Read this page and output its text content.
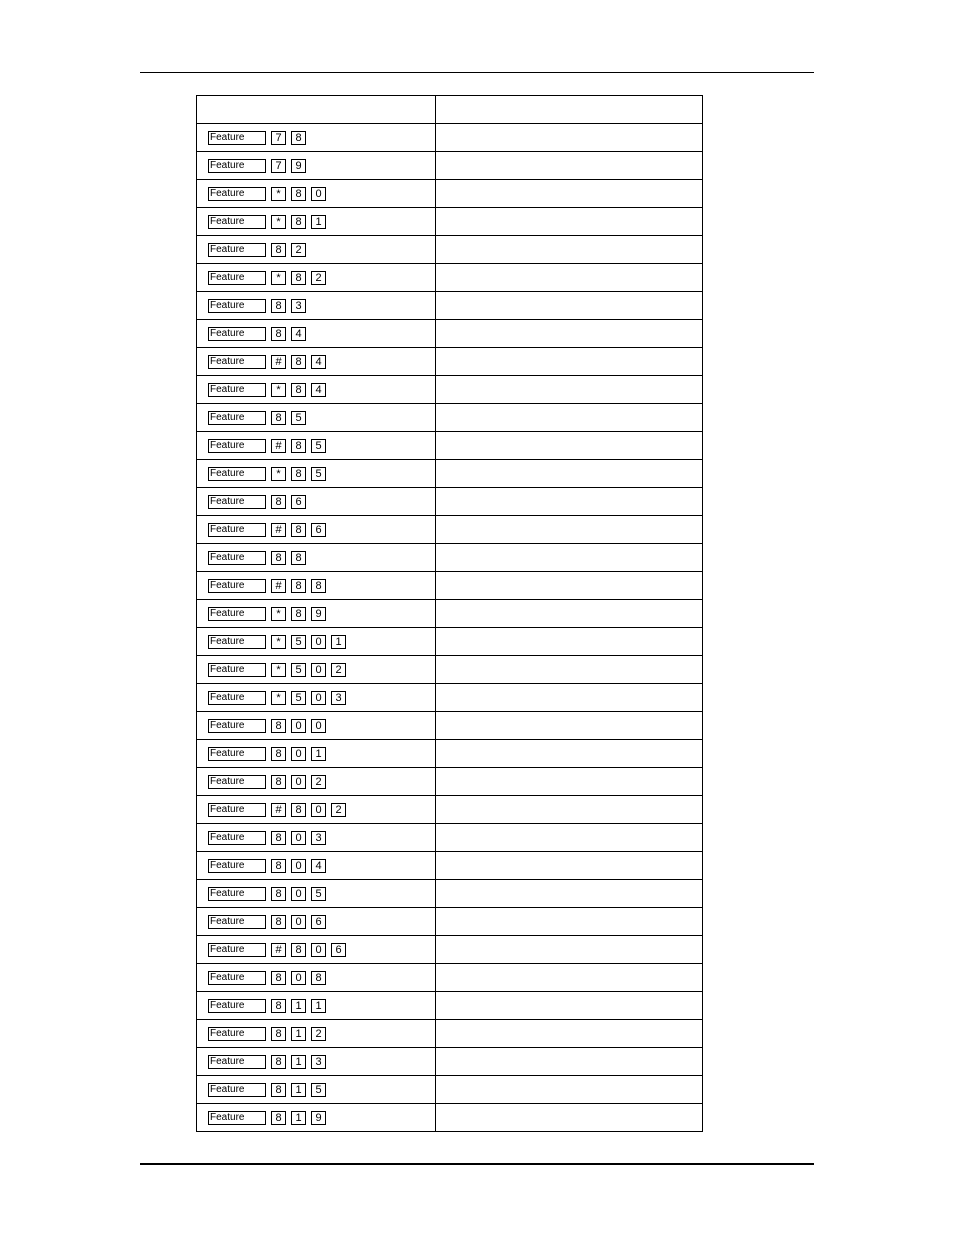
Feature 7 8	

Feature 7 9	

Feature * 8 0	

Feature * 8 1	

Feature 8 2	

Feature * 8 2	

Feature 8 3	

Feature 8 4	

Feature # 8 4	

Feature * 8 4	

Feature 8 5	

Feature # 8 5	

Feature * 8 5	

Feature 8 6	

Feature # 8 6	

Feature 8 8	

Feature # 8 8	

Feature * 8 9	

Feature * 5 0 1	

Feature * 5 0 2	

Feature * 5 0 3	

Feature 8 0 0	

Feature 8 0 1	

Feature 8 0 2	

Feature # 8 0 2	

Feature 8 0 3	

Feature 8 0 4	

Feature 8 0 5	

Feature 8 0 6	

Feature # 8 0 6	

Feature 8 0 8	

Feature 8 1 1	

Feature 8 1 2	

Feature 8 1 3	

Feature 8 1 5	

Feature 8 1 9	
